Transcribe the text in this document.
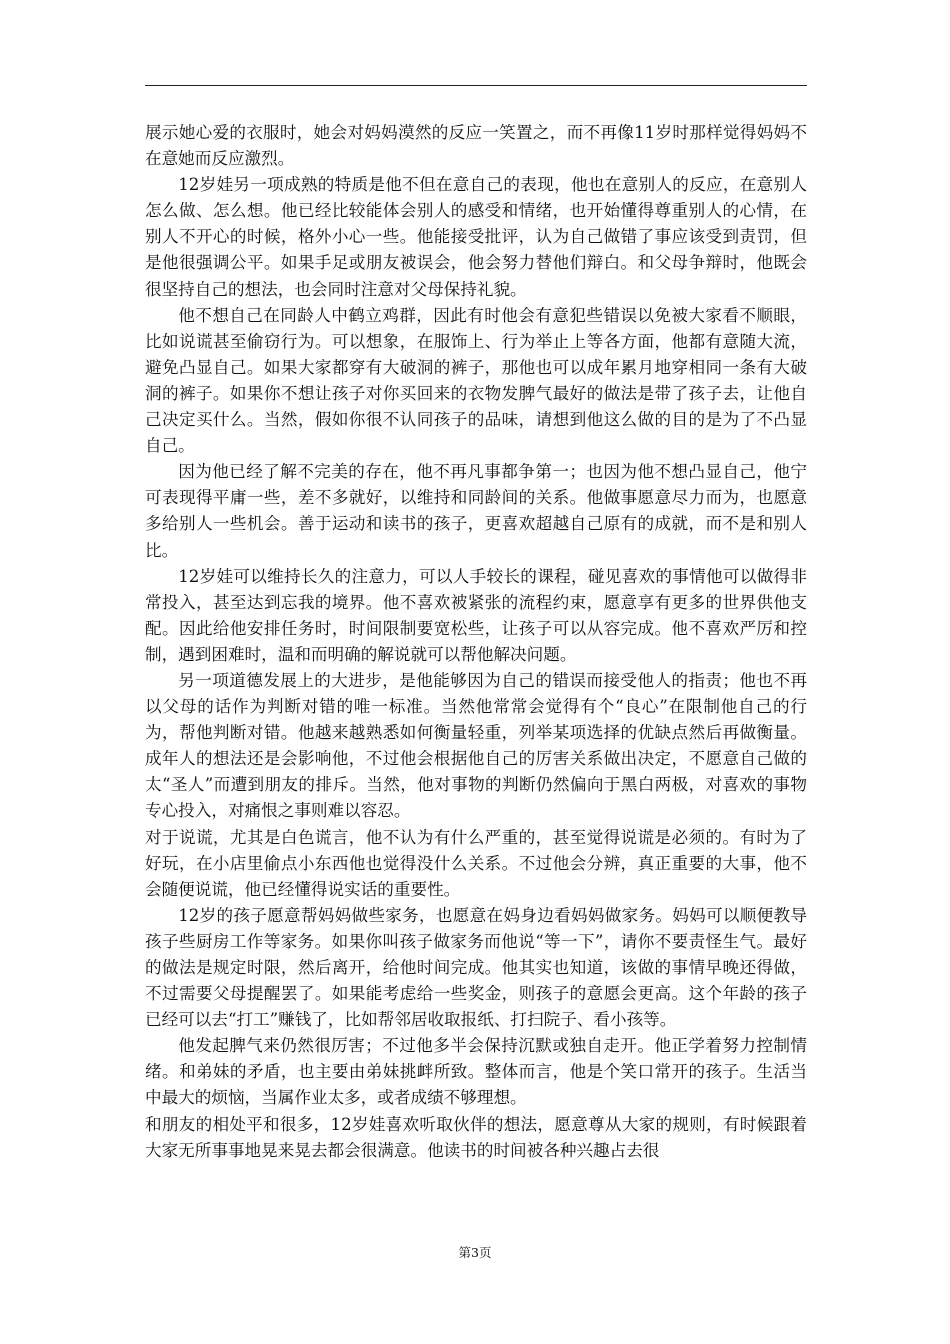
展示她心爱的衣服时，她会对妈妈漠然的反应一笑置之，而不再像11岁时那样觉得妈妈不在意她而反应激烈。

12岁娃另一项成熟的特质是他不但在意自己的表现，他也在意别人的反应，在意别人怎么做、怎么想。他已经比较能体会别人的感受和情绪，也开始懂得尊重别人的心情，在别人不开心的时候，格外小心一些。他能接受批评，认为自己做错了事应该受到责罚，但是他很强调公平。如果手足或朋友被误会，他会努力替他们辩白。和父母争辩时，他既会很坚持自己的想法，也会同时注意对父母保持礼貌。

他不想自己在同龄人中鹤立鸡群，因此有时他会有意犯些错误以免被大家看不顺眼，比如说谎甚至偷窃行为。可以想象，在服饰上、行为举止上等各方面，他都有意随大流，避免凸显自己。如果大家都穿有大破洞的裤子，那他也可以成年累月地穿相同一条有大破洞的裤子。如果你不想让孩子对你买回来的衣物发脾气最好的做法是带了孩子去，让他自己决定买什么。当然，假如你很不认同孩子的品味，请想到他这么做的目的是为了不凸显自己。

因为他已经了解不完美的存在，他不再凡事都争第一；也因为他不想凸显自己，他宁可表现得平庸一些，差不多就好，以维持和同龄间的关系。他做事愿意尽力而为，也愿意多给别人一些机会。善于运动和读书的孩子，更喜欢超越自己原有的成就，而不是和别人比。

12岁娃可以维持长久的注意力，可以人手较长的课程，碰见喜欢的事情他可以做得非常投入，甚至达到忘我的境界。他不喜欢被紧张的流程约束，愿意享有更多的世界供他支配。因此给他安排任务时，时间限制要宽松些，让孩子可以从容完成。他不喜欢严厉和控制，遇到困难时，温和而明确的解说就可以帮他解决问题。

另一项道德发展上的大进步，是他能够因为自己的错误而接受他人的指责；他也不再以父母的话作为判断对错的唯一标准。当然他常常会觉得有个“良心”在限制他自己的行为，帮他判断对错。他越来越熟悉如何衡量轻重，列举某项选择的优缺点然后再做衡量。成年人的想法还是会影响他，不过他会根据他自己的厉害关系做出决定，不愿意自己做的太“圣人”而遭到朋友的排斥。当然，他对事物的判断仍然偏向于黑白两极，对喜欢的事物专心投入，对痛恨之事则难以容忍。

对于说谎，尤其是白色谎言，他不认为有什么严重的，甚至觉得说谎是必须的。有时为了好玩，在小店里偷点小东西他也觉得没什么关系。不过他会分辨，真正重要的大事，他不会随便说谎，他已经懂得说实话的重要性。

12岁的孩子愿意帮妈妈做些家务，也愿意在妈身边看妈妈做家务。妈妈可以顺便教导孩子些厨房工作等家务。如果你叫孩子做家务而他说“等一下”，请你不要责怪生气。最好的做法是规定时限，然后离开，给他时间完成。他其实也知道，该做的事情早晚还得做，不过需要父母提醒罢了。如果能考虑给一些奖金，则孩子的意愿会更高。这个年龄的孩子已经可以去“打工”赚钱了，比如帮邻居收取报纸、打扫院子、看小孩等。

他发起脾气来仍然很厉害；不过他多半会保持沉默或独自走开。他正学着努力控制情绪。和弟妹的矛盾，也主要由弟妹挑衅所致。整体而言，他是个笑口常开的孩子。生活当中最大的烦恼，当属作业太多，或者成绩不够理想。

和朋友的相处平和很多，12岁娃喜欢听取伙伴的想法，愿意尊从大家的规则，有时候跟着大家无所事事地晃来晃去都会很满意。他读书的时间被各种兴趣占去很

第3页
